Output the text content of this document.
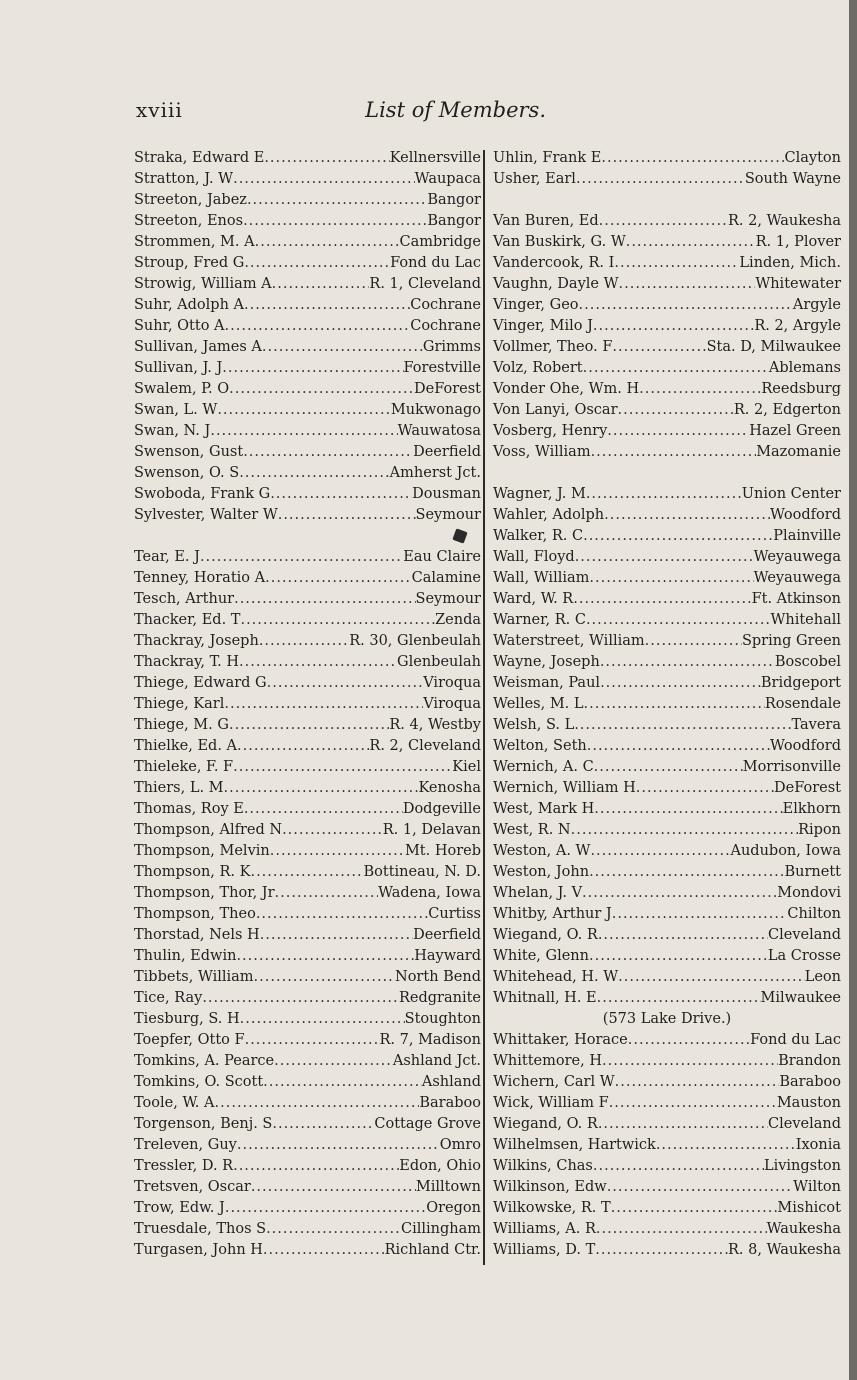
xviii	List of Members.
Straka, Edward E .....	Kellnersville
Stratton, J. W .....	Waupaca
Streeton, Jabez .....	Bangor
Streeton, Enos .....	Bangor
Strommen, M. A .....	Cambridge
Stroup, Fred G .....	Fond du Lac
Strowig, William A .....	R. 1, Cleveland
Suhr, Adolph A .....	Cochrane
Suhr, Otto A .....	Cochrane
Sullivan, James A .....	Grimms
Sullivan, J. J .....	Forestville
Swalem, P. O .....	DeForest
Swan, L. W .....	Mukwonago
Swan, N. J .....	Wauwatosa
Swenson, Gust .....	Deerfield
Swenson, O. S .....	Amherst Jct.
Swoboda, Frank G .....	Dousman
Sylvester, Walter W .....	Seymour
Tear, E. J .....	Eau Claire
Tenney, Horatio A .....	Calamine
Tesch, Arthur .....	Seymour
Thacker, Ed. T .....	Zenda
Thackray, Joseph .....	R. 30, Glenbeulah
Thackray, T. H .....	Glenbeulah
Thiege, Edward G .....	Viroqua
Thiege, Karl .....	Viroqua
Thiege, M. G .....	R. 4, Westby
Thielke, Ed. A .....	R. 2, Cleveland
Thieleke, F. F .....	Kiel
Thiers, L. M .....	Kenosha
Thomas, Roy E .....	Dodgeville
Thompson, Alfred N .....	R. 1, Delavan
Thompson, Melvin .....	Mt. Horeb
Thompson, R. K .....	Bottineau, N. D.
Thompson, Thor, Jr .....	Wadena, Iowa
Thompson, Theo .....	Curtiss
Thorstad, Nels H .....	Deerfield
Thulin, Edwin .....	Hayward
Tibbets, William .....	North Bend
Tice, Ray .....	Redgranite
Tiesburg, S. H .....	Stoughton
Toepfer, Otto F .....	R. 7, Madison
Tomkins, A. Pearce .....	Ashland Jct.
Tomkins, O. Scott .....	Ashland
Toole, W. A .....	Baraboo
Torgenson, Benj. S .....	Cottage Grove
Treleven, Guy .....	Omro
Tressler, D. R .....	Edon, Ohio
Tretsven, Oscar .....	Milltown
Trow, Edw. J .....	Oregon
Truesdale, Thos S .....	Cillingham
Turgasen, John H .....	Richland Ctr.
Uhlin, Frank E .....	Clayton
Usher, Earl .....	South Wayne
Van Buren, Ed .....	R. 2, Waukesha
Van Buskirk, G. W .....	R. 1, Plover
Vandercook, R. I .....	Linden, Mich.
Vaughn, Dayle W .....	Whitewater
Vinger, Geo .....	Argyle
Vinger, Milo J .....	R. 2, Argyle
Vollmer, Theo. F .....	Sta. D, Milwaukee
Volz, Robert .....	Ablemans
Vonder Ohe, Wm. H .....	Reedsburg
Von Lanyi, Oscar .....	R. 2, Edgerton
Vosberg, Henry .....	Hazel Green
Voss, William .....	Mazomanie
Wagner, J. M .....	Union Center
Wahler, Adolph .....	Woodford
Walker, R. C .....	Plainville
Wall, Floyd .....	Weyauwega
Wall, William .....	Weyauwega
Ward, W. R .....	Ft. Atkinson
Warner, R. C .....	Whitehall
Waterstreet, William .....	Spring Green
Wayne, Joseph .....	Boscobel
Weisman, Paul .....	Bridgeport
Welles, M. L .....	Rosendale
Welsh, S. L .....	Tavera
Welton, Seth .....	Woodford
Wernich, A. C .....	Morrisonville
Wernich, William H .....	DeForest
West, Mark H .....	Elkhorn
West, R. N .....	Ripon
Weston, A. W .....	Audubon, Iowa
Weston, John .....	Burnett
Whelan, J. V .....	Mondovi
Whitby, Arthur J .....	Chilton
Wiegand, O. R .....	Cleveland
White, Glenn .....	La Crosse
Whitehead, H. W .....	Leon
Whitnall, H. E .....	Milwaukee
(573 Lake Drive.)
Whittaker, Horace .....	Fond du Lac
Whittemore, H .....	Brandon
Wichern, Carl W .....	Baraboo
Wick, William F .....	Mauston
Wiegand, O. R .....	Cleveland
Wilhelmsen, Hartwick .....	Ixonia
Wilkins, Chas .....	Livingston
Wilkinson, Edw .....	Wilton
Wilkowske, R. T .....	Mishicot
Williams, A. R .....	Waukesha
Williams, D. T .....	R. 8, Waukesha
